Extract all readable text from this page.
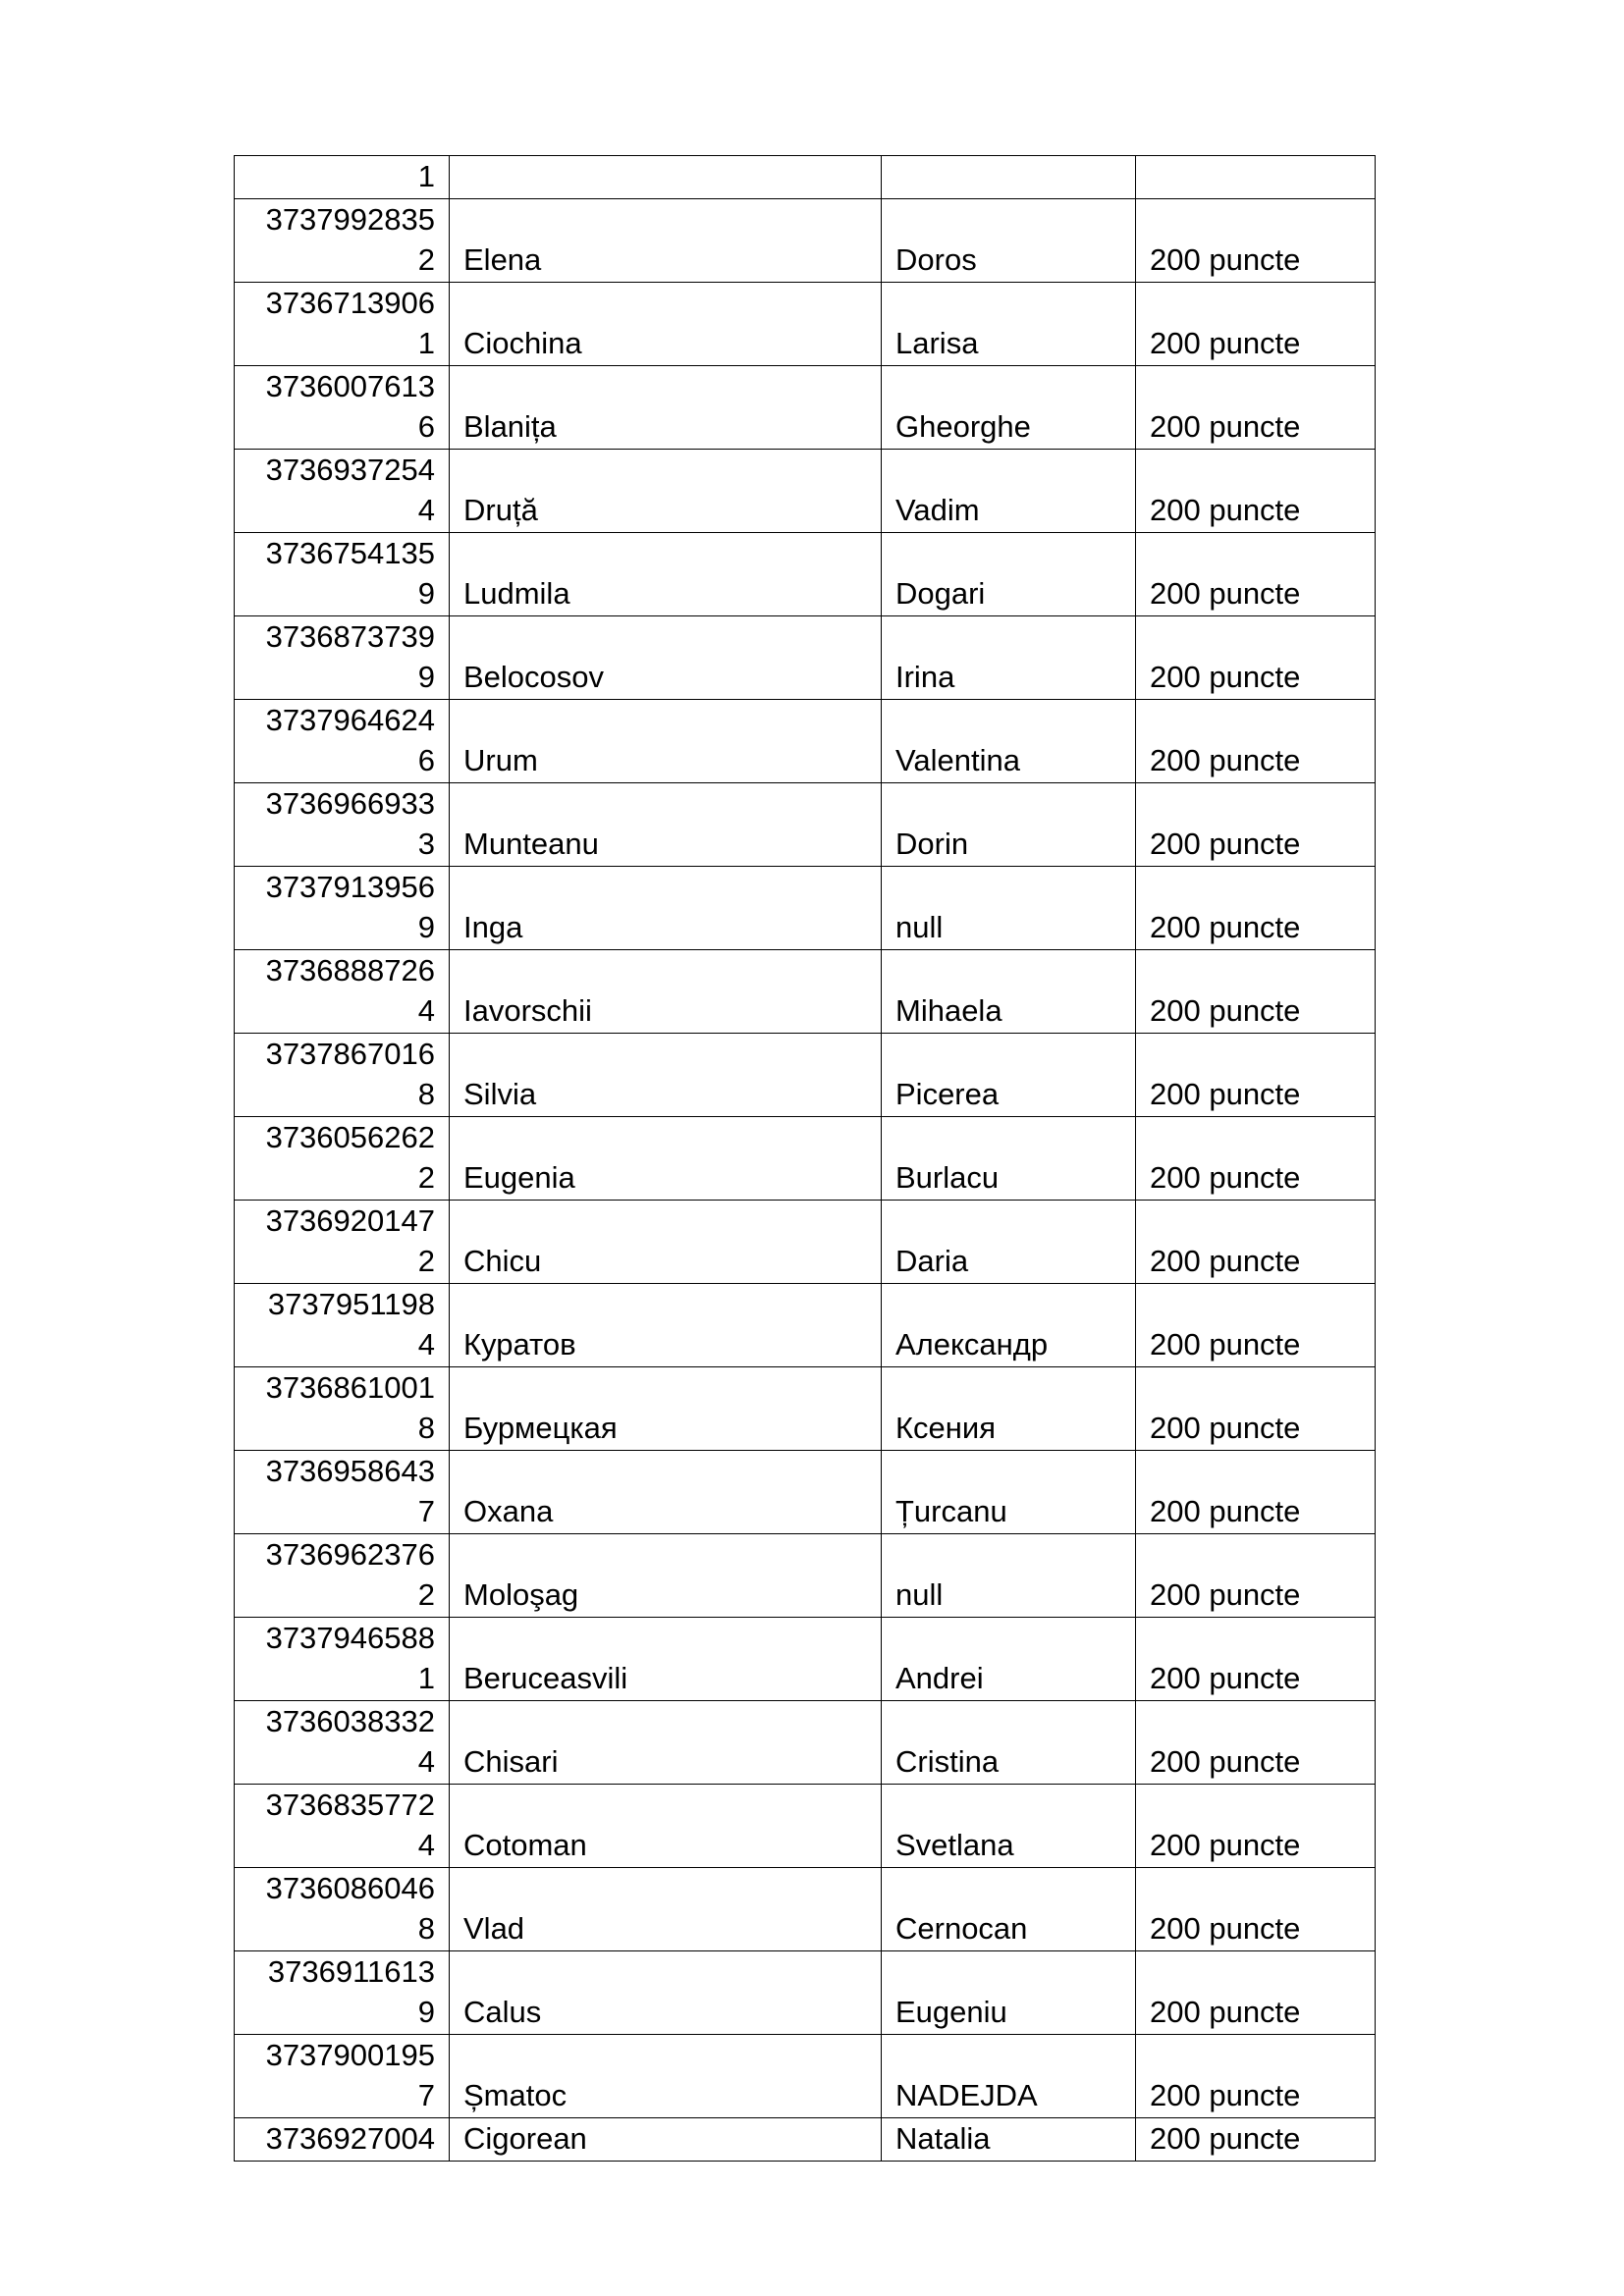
1			

3737992835
2	Elena	Doros	200 puncte

3736713906
1	Ciochina	Larisa	200 puncte

3736007613
6	Blanița	Gheorghe	200 puncte

3736937254
4	Druță	Vadim	200 puncte

3736754135
9	Ludmila	Dogari	200 puncte

3736873739
9	Belocosov	Irina	200 puncte

3737964624
6	Urum	Valentina	200 puncte

3736966933
3	Munteanu	Dorin	200 puncte

3737913956
9	Inga	null	200 puncte

3736888726
4	Iavorschii	Mihaela	200 puncte

3737867016
8	Silvia	Picerea	200 puncte

3736056262
2	Eugenia	Burlacu	200 puncte

3736920147
2	Chicu	Daria	200 puncte

3737951198
4	Куратов	Александр	200 puncte

3736861001
8	Бурмецкая	Ксения	200 puncte

3736958643
7	Oxana	Țurcanu	200 puncte

3736962376
2	Moloşag	null	200 puncte

3737946588
1	Beruceasvili	Andrei	200 puncte

3736038332
4	Chisari	Cristina	200 puncte

3736835772
4	Cotoman	Svetlana	200 puncte

3736086046
8	Vlad	Cernocan	200 puncte

3736911613
9	Calus	Eugeniu	200 puncte

3737900195
7	Șmatoc	NADEJDA	200 puncte

3736927004	Cigorean	Natalia	200 puncte
